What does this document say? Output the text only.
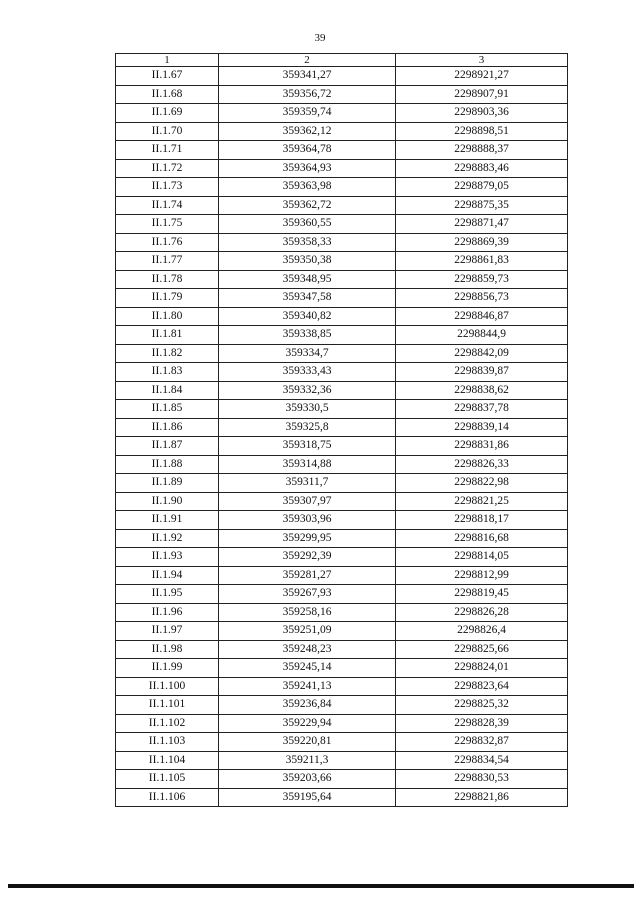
39
1	2	3
II.1.67	359341,27	2298921,27
II.1.68	359356,72	2298907,91
II.1.69	359359,74	2298903,36
II.1.70	359362,12	2298898,51
II.1.71	359364,78	2298888,37
II.1.72	359364,93	2298883,46
II.1.73	359363,98	2298879,05
II.1.74	359362,72	2298875,35
II.1.75	359360,55	2298871,47
II.1.76	359358,33	2298869,39
II.1.77	359350,38	2298861,83
II.1.78	359348,95	2298859,73
II.1.79	359347,58	2298856,73
II.1.80	359340,82	2298846,87
II.1.81	359338,85	2298844,9
II.1.82	359334,7	2298842,09
II.1.83	359333,43	2298839,87
II.1.84	359332,36	2298838,62
II.1.85	359330,5	2298837,78
II.1.86	359325,8	2298839,14
II.1.87	359318,75	2298831,86
II.1.88	359314,88	2298826,33
II.1.89	359311,7	2298822,98
II.1.90	359307,97	2298821,25
II.1.91	359303,96	2298818,17
II.1.92	359299,95	2298816,68
II.1.93	359292,39	2298814,05
II.1.94	359281,27	2298812,99
II.1.95	359267,93	2298819,45
II.1.96	359258,16	2298826,28
II.1.97	359251,09	2298826,4
II.1.98	359248,23	2298825,66
II.1.99	359245,14	2298824,01
II.1.100	359241,13	2298823,64
II.1.101	359236,84	2298825,32
II.1.102	359229,94	2298828,39
II.1.103	359220,81	2298832,87
II.1.104	359211,3	2298834,54
II.1.105	359203,66	2298830,53
II.1.106	359195,64	2298821,86
